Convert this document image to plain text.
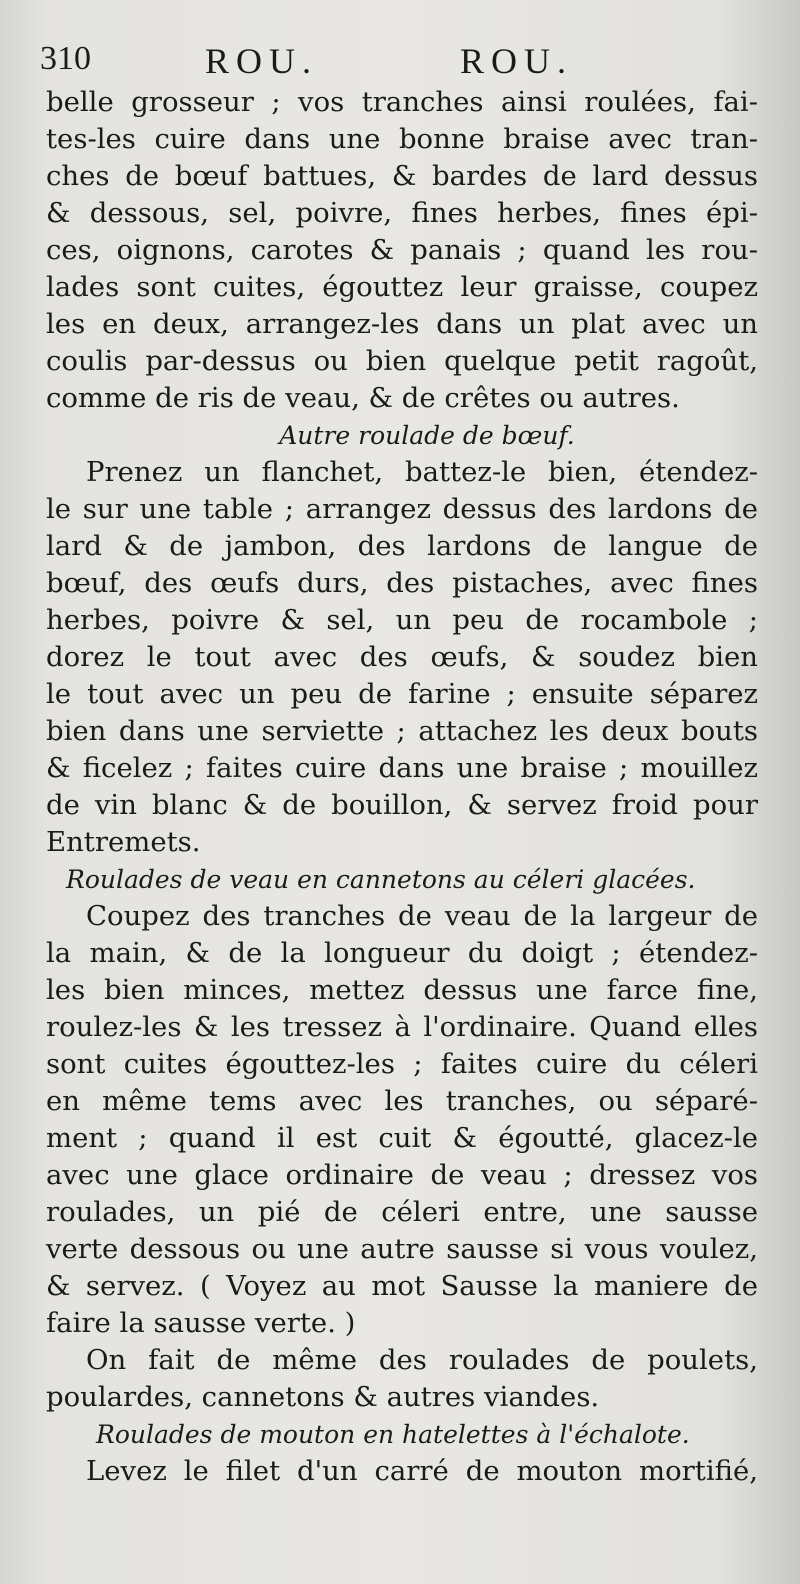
310	ROU.	ROU.
belle grosseur ; vos tranches ainsi roulées, fai-
tes-les cuire dans une bonne braise avec tran-
ches de bœuf battues, & bardes de lard dessus
& dessous, sel, poivre, fines herbes, fines épi-
ces, oignons, carotes & panais ; quand les rou-
lades sont cuites, égouttez leur graisse, coupez
les en deux, arrangez-les dans un plat avec un
coulis par-dessus ou bien quelque petit ragoût,
comme de ris de veau, & de crêtes ou autres.
Autre roulade de bœuf.
Prenez un flanchet, battez-le bien, étendez-
le sur une table ; arrangez dessus des lardons de
lard & de jambon, des lardons de langue de
bœuf, des œufs durs, des pistaches, avec fines
herbes, poivre & sel, un peu de rocambole ;
dorez le tout avec des œufs, & soudez bien
le tout avec un peu de farine ; ensuite séparez
bien dans une serviette ; attachez les deux bouts
& ficelez ; faites cuire dans une braise ; mouillez
de vin blanc & de bouillon, & servez froid pour
Entremets.
Roulades de veau en cannetons au céleri glacées.
Coupez des tranches de veau de la largeur de
la main, & de la longueur du doigt ; étendez-
les bien minces, mettez dessus une farce fine,
roulez-les & les tressez à l'ordinaire. Quand elles
sont cuites égouttez-les ; faites cuire du céleri
en même tems avec les tranches, ou séparé-
ment ; quand il est cuit & égoutté, glacez-le
avec une glace ordinaire de veau ; dressez vos
roulades, un pié de céleri entre, une sausse
verte dessous ou une autre sausse si vous voulez,
& servez. ( Voyez au mot Sausse la maniere de
faire la sausse verte. )
On fait de même des roulades de poulets,
poulardes, cannetons & autres viandes.
Roulades de mouton en hatelettes à l'échalote.
Levez le filet d'un carré de mouton mortifié,
